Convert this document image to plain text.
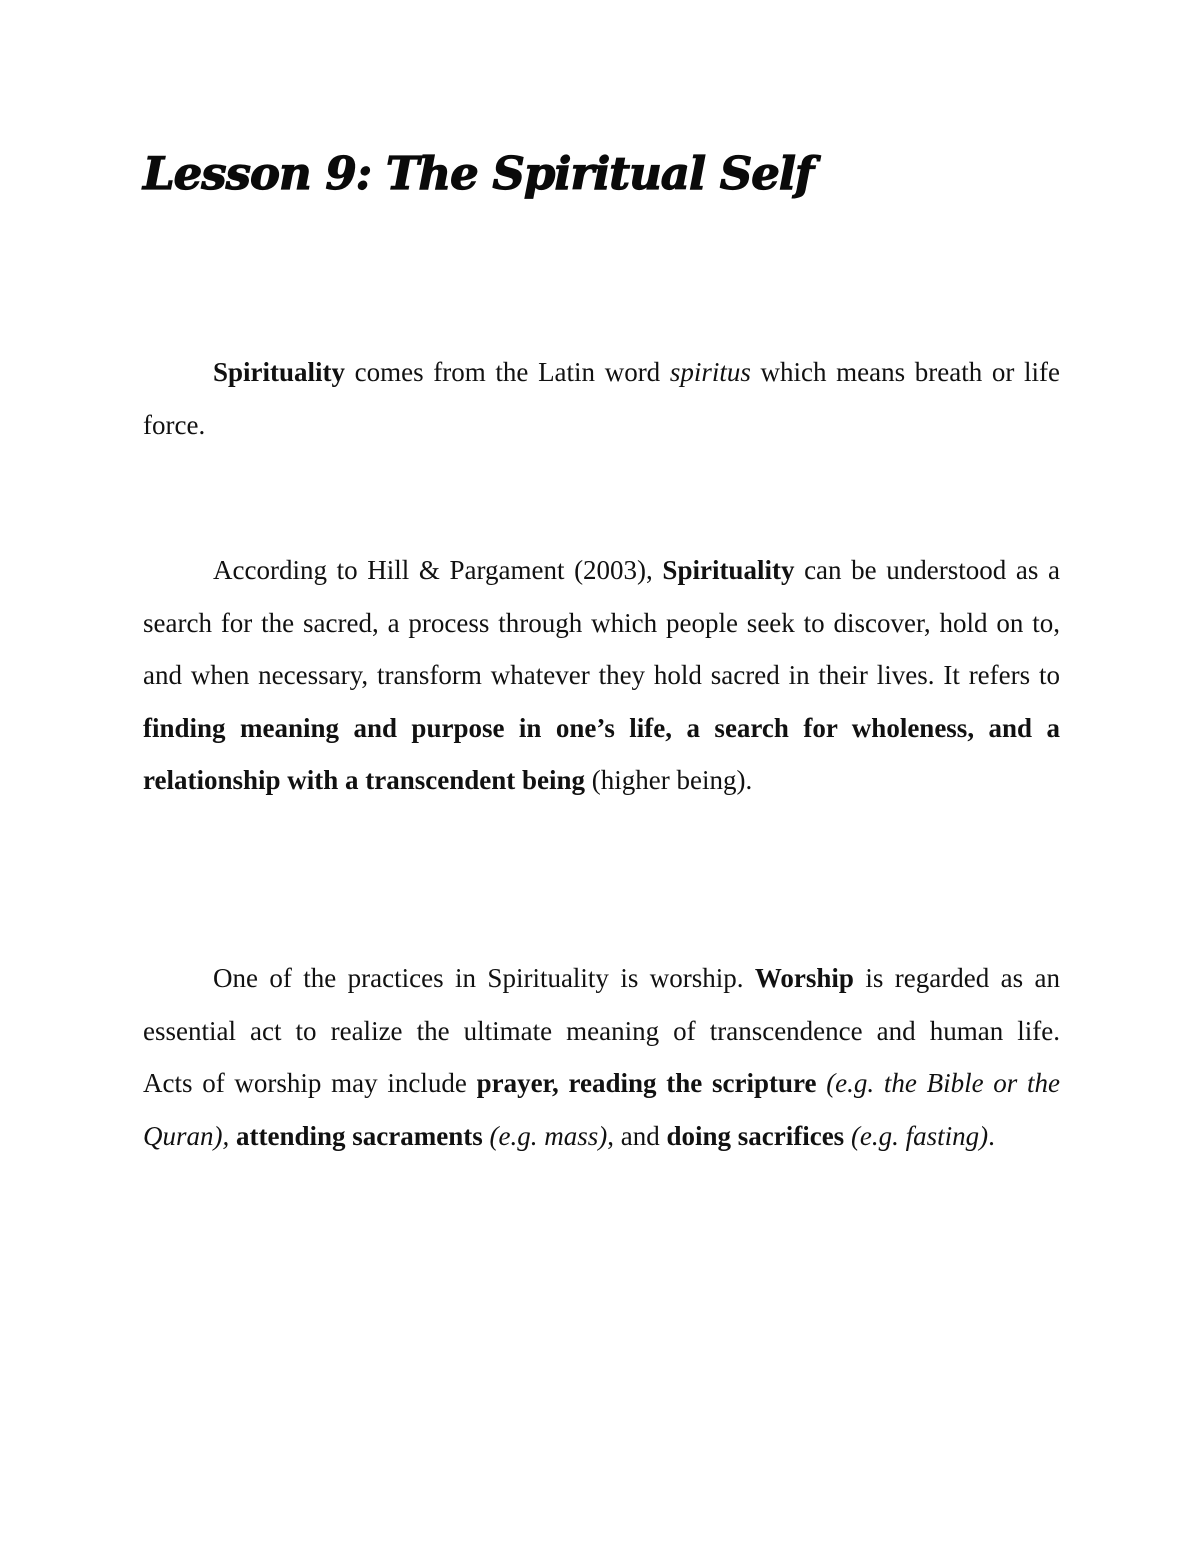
Lesson 9: The Spiritual Self

Spirituality comes from the Latin word spiritus which means breath or life force.

According to Hill & Pargament (2003), Spirituality can be understood as a search for the sacred, a process through which people seek to discover, hold on to, and when necessary, transform whatever they hold sacred in their lives. It refers to finding meaning and purpose in one’s life, a search for wholeness, and a relationship with a transcendent being (higher being).

One of the practices in Spirituality is worship. Worship is regarded as an essential act to realize the ultimate meaning of transcendence and human life.
Acts of worship may include prayer, reading the scripture (e.g. the Bible or the Quran), attending sacraments (e.g. mass), and doing sacrifices (e.g. fasting).
